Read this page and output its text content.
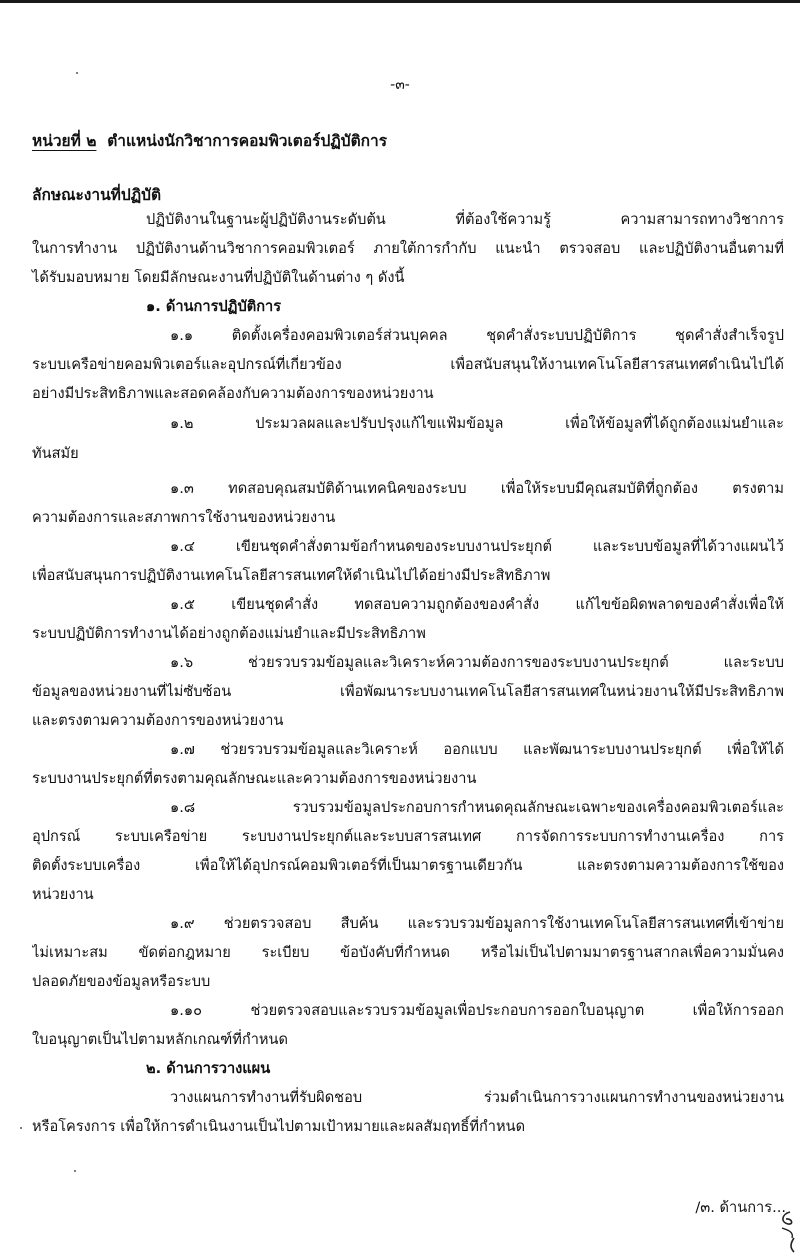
-๓-
หน่วยที่ ๒ ตำแหน่งนักวิชาการคอมพิวเตอร์ปฏิบัติการ
ลักษณะงานที่ปฏิบัติ
ปฏิบัติงานในฐานะผู้ปฏิบัติงานระดับต้น ที่ต้องใช้ความรู้ ความสามารถทางวิชาการ
ในการทำงาน ปฏิบัติงานด้านวิชาการคอมพิวเตอร์ ภายใต้การกำกับ แนะนำ ตรวจสอบ และปฏิบัติงานอื่นตามที่
ได้รับมอบหมาย โดยมีลักษณะงานที่ปฏิบัติในด้านต่าง ๆ ดังนี้
๑. ด้านการปฏิบัติการ
๑.๑ ติดตั้งเครื่องคอมพิวเตอร์ส่วนบุคคล ชุดคำสั่งระบบปฏิบัติการ ชุดคำสั่งสำเร็จรูป
ระบบเครือข่ายคอมพิวเตอร์และอุปกรณ์ที่เกี่ยวข้อง เพื่อสนับสนุนให้งานเทคโนโลยีสารสนเทศดำเนินไปได้
อย่างมีประสิทธิภาพและสอดคล้องกับความต้องการของหน่วยงาน
๑.๒ ประมวลผลและปรับปรุงแก้ไขแฟ้มข้อมูล เพื่อให้ข้อมูลที่ได้ถูกต้องแม่นยำและ
ทันสมัย
๑.๓ ทดสอบคุณสมบัติด้านเทคนิคของระบบ เพื่อให้ระบบมีคุณสมบัติที่ถูกต้อง ตรงตาม
ความต้องการและสภาพการใช้งานของหน่วยงาน
๑.๔ เขียนชุดคำสั่งตามข้อกำหนดของระบบงานประยุกต์ และระบบข้อมูลที่ได้วางแผนไว้
เพื่อสนับสนุนการปฏิบัติงานเทคโนโลยีสารสนเทศให้ดำเนินไปได้อย่างมีประสิทธิภาพ
๑.๕ เขียนชุดคำสั่ง ทดสอบความถูกต้องของคำสั่ง แก้ไขข้อผิดพลาดของคำสั่งเพื่อให้
ระบบปฏิบัติการทำงานได้อย่างถูกต้องแม่นยำและมีประสิทธิภาพ
๑.๖ ช่วยรวบรวมข้อมูลและวิเคราะห์ความต้องการของระบบงานประยุกต์ และระบบ
ข้อมูลของหน่วยงานที่ไม่ซับซ้อน เพื่อพัฒนาระบบงานเทคโนโลยีสารสนเทศในหน่วยงานให้มีประสิทธิภาพ
และตรงตามความต้องการของหน่วยงาน
๑.๗ ช่วยรวบรวมข้อมูลและวิเคราะห์ ออกแบบ และพัฒนาระบบงานประยุกต์ เพื่อให้ได้
ระบบงานประยุกต์ที่ตรงตามคุณลักษณะและความต้องการของหน่วยงาน
๑.๘ รวบรวมข้อมูลประกอบการกำหนดคุณลักษณะเฉพาะของเครื่องคอมพิวเตอร์และ
อุปกรณ์ ระบบเครือข่าย ระบบงานประยุกต์และระบบสารสนเทศ การจัดการระบบการทำงานเครื่อง การ
ติดตั้งระบบเครื่อง เพื่อให้ได้อุปกรณ์คอมพิวเตอร์ที่เป็นมาตรฐานเดียวกัน และตรงตามความต้องการใช้ของ
หน่วยงาน
๑.๙ ช่วยตรวจสอบ สืบค้น และรวบรวมข้อมูลการใช้งานเทคโนโลยีสารสนเทศที่เข้าข่าย
ไม่เหมาะสม ขัดต่อกฎหมาย ระเบียบ ข้อบังคับที่กำหนด หรือไม่เป็นไปตามมาตรฐานสากลเพื่อความมั่นคง
ปลอดภัยของข้อมูลหรือระบบ
๑.๑๐ ช่วยตรวจสอบและรวบรวมข้อมูลเพื่อประกอบการออกใบอนุญาต เพื่อให้การออก
ใบอนุญาตเป็นไปตามหลักเกณฑ์ที่กำหนด
๒. ด้านการวางแผน
วางแผนการทำงานที่รับผิดชอบ ร่วมดำเนินการวางแผนการทำงานของหน่วยงาน
หรือโครงการ เพื่อให้การดำเนินงานเป็นไปตามเป้าหมายและผลสัมฤทธิ์ที่กำหนด
/๓. ด้านการ...
